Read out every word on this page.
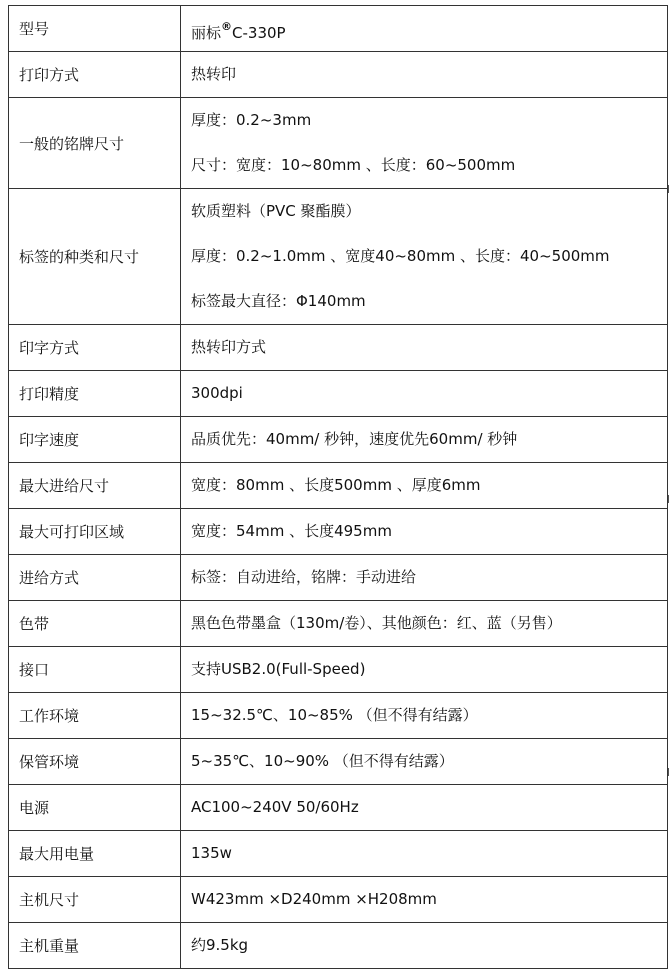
型号	丽标®C-330P

打印方式	热转印

一般的铭牌尺寸	厚度：0.2~3mm
尺寸：宽度：10~80mm 、长度：60~500mm

标签的种类和尺寸	软质塑料（PVC 聚酯膜）
厚度：0.2~1.0mm 、宽度40~80mm 、长度：40~500mm
标签最大直径：Φ140mm

印字方式	热转印方式

打印精度	300dpi

印字速度	品质优先：40mm/ 秒钟，速度优先60mm/ 秒钟

最大进给尺寸	宽度：80mm 、长度500mm 、厚度6mm

最大可打印区域	宽度：54mm 、长度495mm

进给方式	标签：自动进给，铭牌：手动进给

色带	黑色色带墨盒（130m/卷）、其他颜色：红、蓝（另售）

接口	支持USB2.0(Full-Speed)

工作环境	15~32.5℃、10~85% （但不得有结露）

保管环境	5~35℃、10~90% （但不得有结露）

电源	AC100~240V 50/60Hz

最大用电量	135w

主机尺寸	W423mm ×D240mm ×H208mm

主机重量	约9.5kg
